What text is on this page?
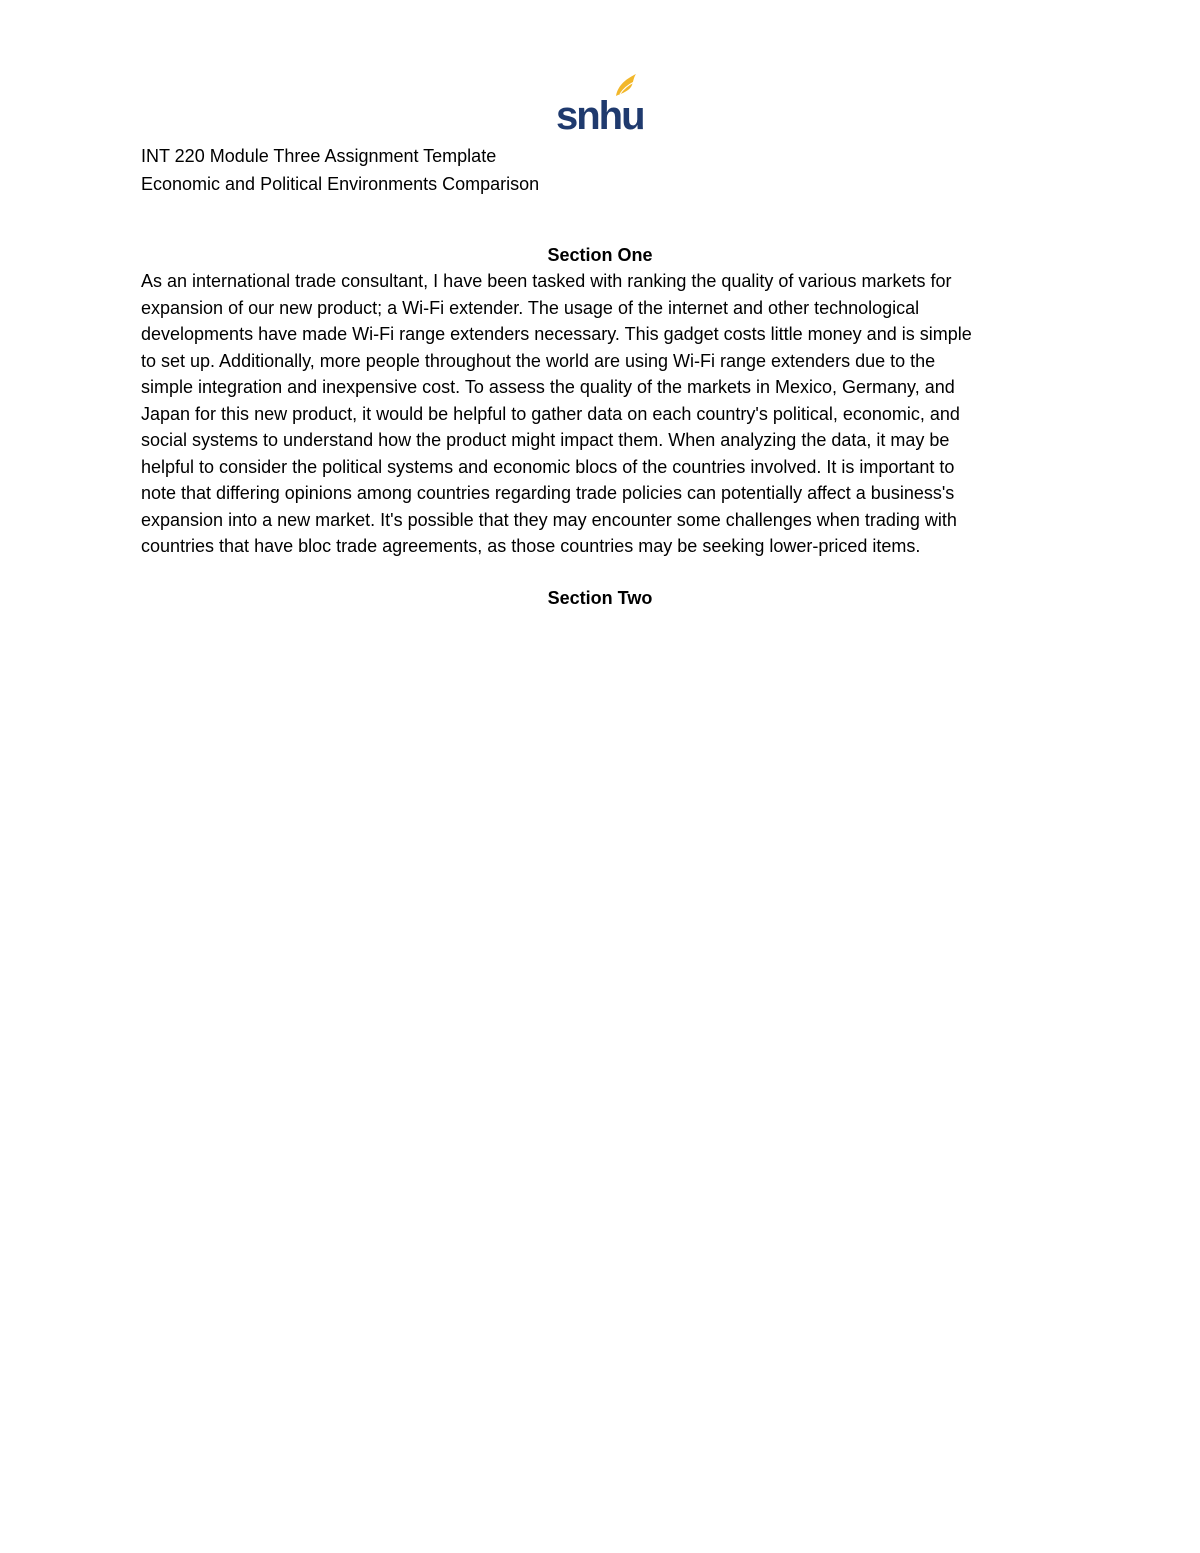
snhu
INT 220 Module Three Assignment Template
Economic and Political Environments Comparison
Section One
As an international trade consultant, I have been tasked with ranking the quality of various markets for
expansion of our new product; a Wi-Fi extender. The usage of the internet and other technological
developments have made Wi-Fi range extenders necessary. This gadget costs little money and is simple
to set up. Additionally, more people throughout the world are using Wi-Fi range extenders due to the
simple integration and inexpensive cost. To assess the quality of the markets in Mexico, Germany, and
Japan for this new product, it would be helpful to gather data on each country's political, economic, and
social systems to understand how the product might impact them. When analyzing the data, it may be
helpful to consider the political systems and economic blocs of the countries involved. It is important to
note that differing opinions among countries regarding trade policies can potentially affect a business's
expansion into a new market. It's possible that they may encounter some challenges when trading with
countries that have bloc trade agreements, as those countries may be seeking lower-priced items.
Section Two
